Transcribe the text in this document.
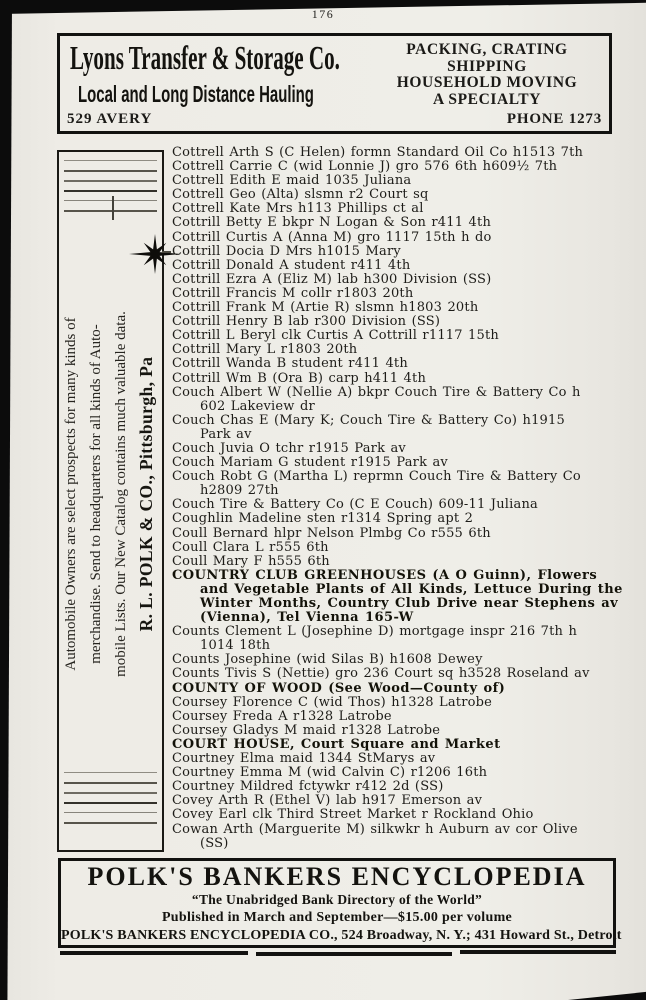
176
Lyons Transfer & Storage Co.
Local and Long Distance Hauling
529 AVERY
PACKING, CRATING
SHIPPING
HOUSEHOLD MOVING
A SPECIALTY
PHONE 1273
Automobile Owners are select prospects for many kinds of merchandise. Send to headquarters for all kinds of Auto- mobile Lists. Our New Catalog contains much valuable data. R. L. POLK & CO., Pittsburgh, Pa
Cottrell Arth S (C Helen) formn Standard Oil Co h1513 7th
Cottrell Carrie C (wid Lonnie J) gro 576 6th h609½ 7th
Cottrell Edith E maid 1035 Juliana
Cottrell Geo (Alta) slsmn r2 Court sq
Cottrell Kate Mrs h113 Phillips ct al
Cottrill Betty E bkpr N Logan & Son r411 4th
Cottrill Curtis A (Anna M) gro 1117 15th h do
Cottrill Docia D Mrs h1015 Mary
Cottrill Donald A student r411 4th
Cottrill Ezra A (Eliz M) lab h300 Division (SS)
Cottrill Francis M collr r1803 20th
Cottrill Frank M (Artie R) slsmn h1803 20th
Cottrill Henry B lab r300 Division (SS)
Cottrill L Beryl clk Curtis A Cottrill r1117 15th
Cottrill Mary L r1803 20th
Cottrill Wanda B student r411 4th
Cottrill Wm B (Ora B) carp h411 4th
Couch Albert W (Nellie A) bkpr Couch Tire & Battery Co h
602 Lakeview dr
Couch Chas E (Mary K; Couch Tire & Battery Co) h1915
Park av
Couch Juvia O tchr r1915 Park av
Couch Mariam G student r1915 Park av
Couch Robt G (Martha L) reprmn Couch Tire & Battery Co
h2809 27th
Couch Tire & Battery Co (C E Couch) 609-11 Juliana
Coughlin Madeline sten r1314 Spring apt 2
Coull Bernard hlpr Nelson Plmbg Co r555 6th
Coull Clara L r555 6th
Coull Mary F h555 6th
COUNTRY CLUB GREENHOUSES (A O Guinn), Flowers
and Vegetable Plants of All Kinds, Lettuce During the
Winter Months, Country Club Drive near Stephens av
(Vienna), Tel Vienna 165-W
Counts Clement L (Josephine D) mortgage inspr 216 7th h
1014 18th
Counts Josephine (wid Silas B) h1608 Dewey
Counts Tivis S (Nettie) gro 236 Court sq h3528 Roseland av
COUNTY OF WOOD (See Wood—County of)
Coursey Florence C (wid Thos) h1328 Latrobe
Coursey Freda A r1328 Latrobe
Coursey Gladys M maid r1328 Latrobe
COURT HOUSE, Court Square and Market
Courtney Elma maid 1344 StMarys av
Courtney Emma M (wid Calvin C) r1206 16th
Courtney Mildred fctywkr r412 2d (SS)
Covey Arth R (Ethel V) lab h917 Emerson av
Covey Earl clk Third Street Market r Rockland Ohio
Cowan Arth (Marguerite M) silkwkr h Auburn av cor Olive
(SS)
POLK'S BANKERS ENCYCLOPEDIA
“The Unabridged Bank Directory of the World”
Published in March and September—$15.00 per volume
POLK'S BANKERS ENCYCLOPEDIA CO., 524 Broadway, N. Y.; 431 Howard St., Detroit
